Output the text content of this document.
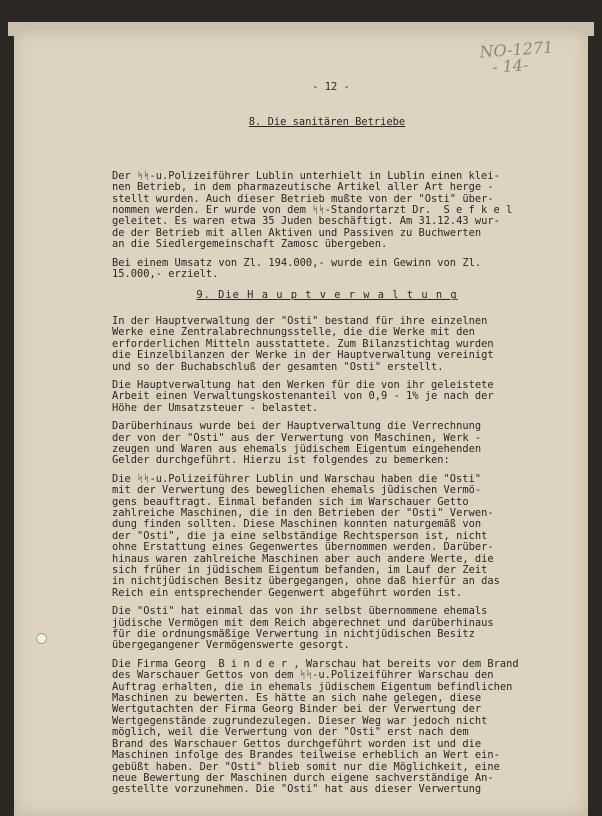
NO-1271
- 14-
- 12 -
8. Die sanitären Betriebe

Der ᛋᛋ-u.Polizeiführer Lublin unterhielt in Lublin einen klei-
nen Betrieb, in dem pharmazeutische Artikel aller Art herge -
stellt wurden. Auch dieser Betrieb mußte von der "Osti" über-
nommen werden. Er wurde von dem ᛋᛋ-Standortarzt Dr.  S e f k e l
geleitet. Es waren etwa 35 Juden beschäftigt. Am 31.12.43 wur-
de der Betrieb mit allen Aktiven und Passiven zu Buchwerten
an die Siedlergemeinschaft Zamosc übergeben.

Bei einem Umsatz von Zl. 194.000,- wurde ein Gewinn von Zl.
15.000,- erzielt.

9. Die H a u p t v e r w a l t u n g

In der Hauptverwaltung der "Osti" bestand für ihre einzelnen
Werke eine Zentralabrechnungsstelle, die die Werke mit den
erforderlichen Mitteln ausstattete. Zum Bilanzstichtag wurden
die Einzelbilanzen der Werke in der Hauptverwaltung vereinigt
und so der Buchabschluß der gesamten "Osti" erstellt.

Die Hauptverwaltung hat den Werken für die von ihr geleistete
Arbeit einen Verwaltungskostenanteil von 0,9 - 1% je nach der
Höhe der Umsatzsteuer - belastet.

Darüberhinaus wurde bei der Hauptverwaltung die Verrechnung
der von der "Osti" aus der Verwertung von Maschinen, Werk -
zeugen und Waren aus ehemals jüdischem Eigentum eingehenden
Gelder durchgeführt. Hierzu ist folgendes zu bemerken:

Die ᛋᛋ-u.Polizeiführer Lublin und Warschau haben die "Osti"
mit der Verwertung des beweglichen ehemals jüdischen Vermö-
gens beauftragt. Einmal befanden sich im Warschauer Getto
zahlreiche Maschinen, die in den Betrieben der "Osti" Verwen-
dung finden sollten. Diese Maschinen konnten naturgemäß von
der "Osti", die ja eine selbständige Rechtsperson ist, nicht
ohne Erstattung eines Gegenwertes übernommen werden. Darüber-
hinaus waren zahlreiche Maschinen aber auch andere Werte, die
sich früher in jüdischem Eigentum befanden, im Lauf der Zeit
in nichtjüdischen Besitz übergegangen, ohne daß hierfür an das
Reich ein entsprechender Gegenwert abgeführt worden ist.

Die "Osti" hat einmal das von ihr selbst übernommene ehemals
jüdische Vermögen mit dem Reich abgerechnet und darüberhinaus
für die ordnungsmäßige Verwertung in nichtjüdischen Besitz
übergegangener Vermögenswerte gesorgt.

Die Firma Georg  B i n d e r , Warschau hat bereits vor dem Brand
des Warschauer Gettos von dem ᛋᛋ-u.Polizeiführer Warschau den
Auftrag erhalten, die in ehemals jüdischem Eigentum befindlichen
Maschinen zu bewerten. Es hätte an sich nahe gelegen, diese
Wertgutachten der Firma Georg Binder bei der Verwertung der
Wertgegenstände zugrundezulegen. Dieser Weg war jedoch nicht
möglich, weil die Verwertung von der "Osti" erst nach dem
Brand des Warschauer Gettos durchgeführt worden ist und die
Maschinen infolge des Brandes teilweise erheblich an Wert ein-
gebüßt haben. Der "Osti" blieb somit nur die Möglichkeit, eine
neue Bewertung der Maschinen durch eigene sachverständige An-
gestellte vorzunehmen. Die "Osti" hat aus dieser Verwertung
